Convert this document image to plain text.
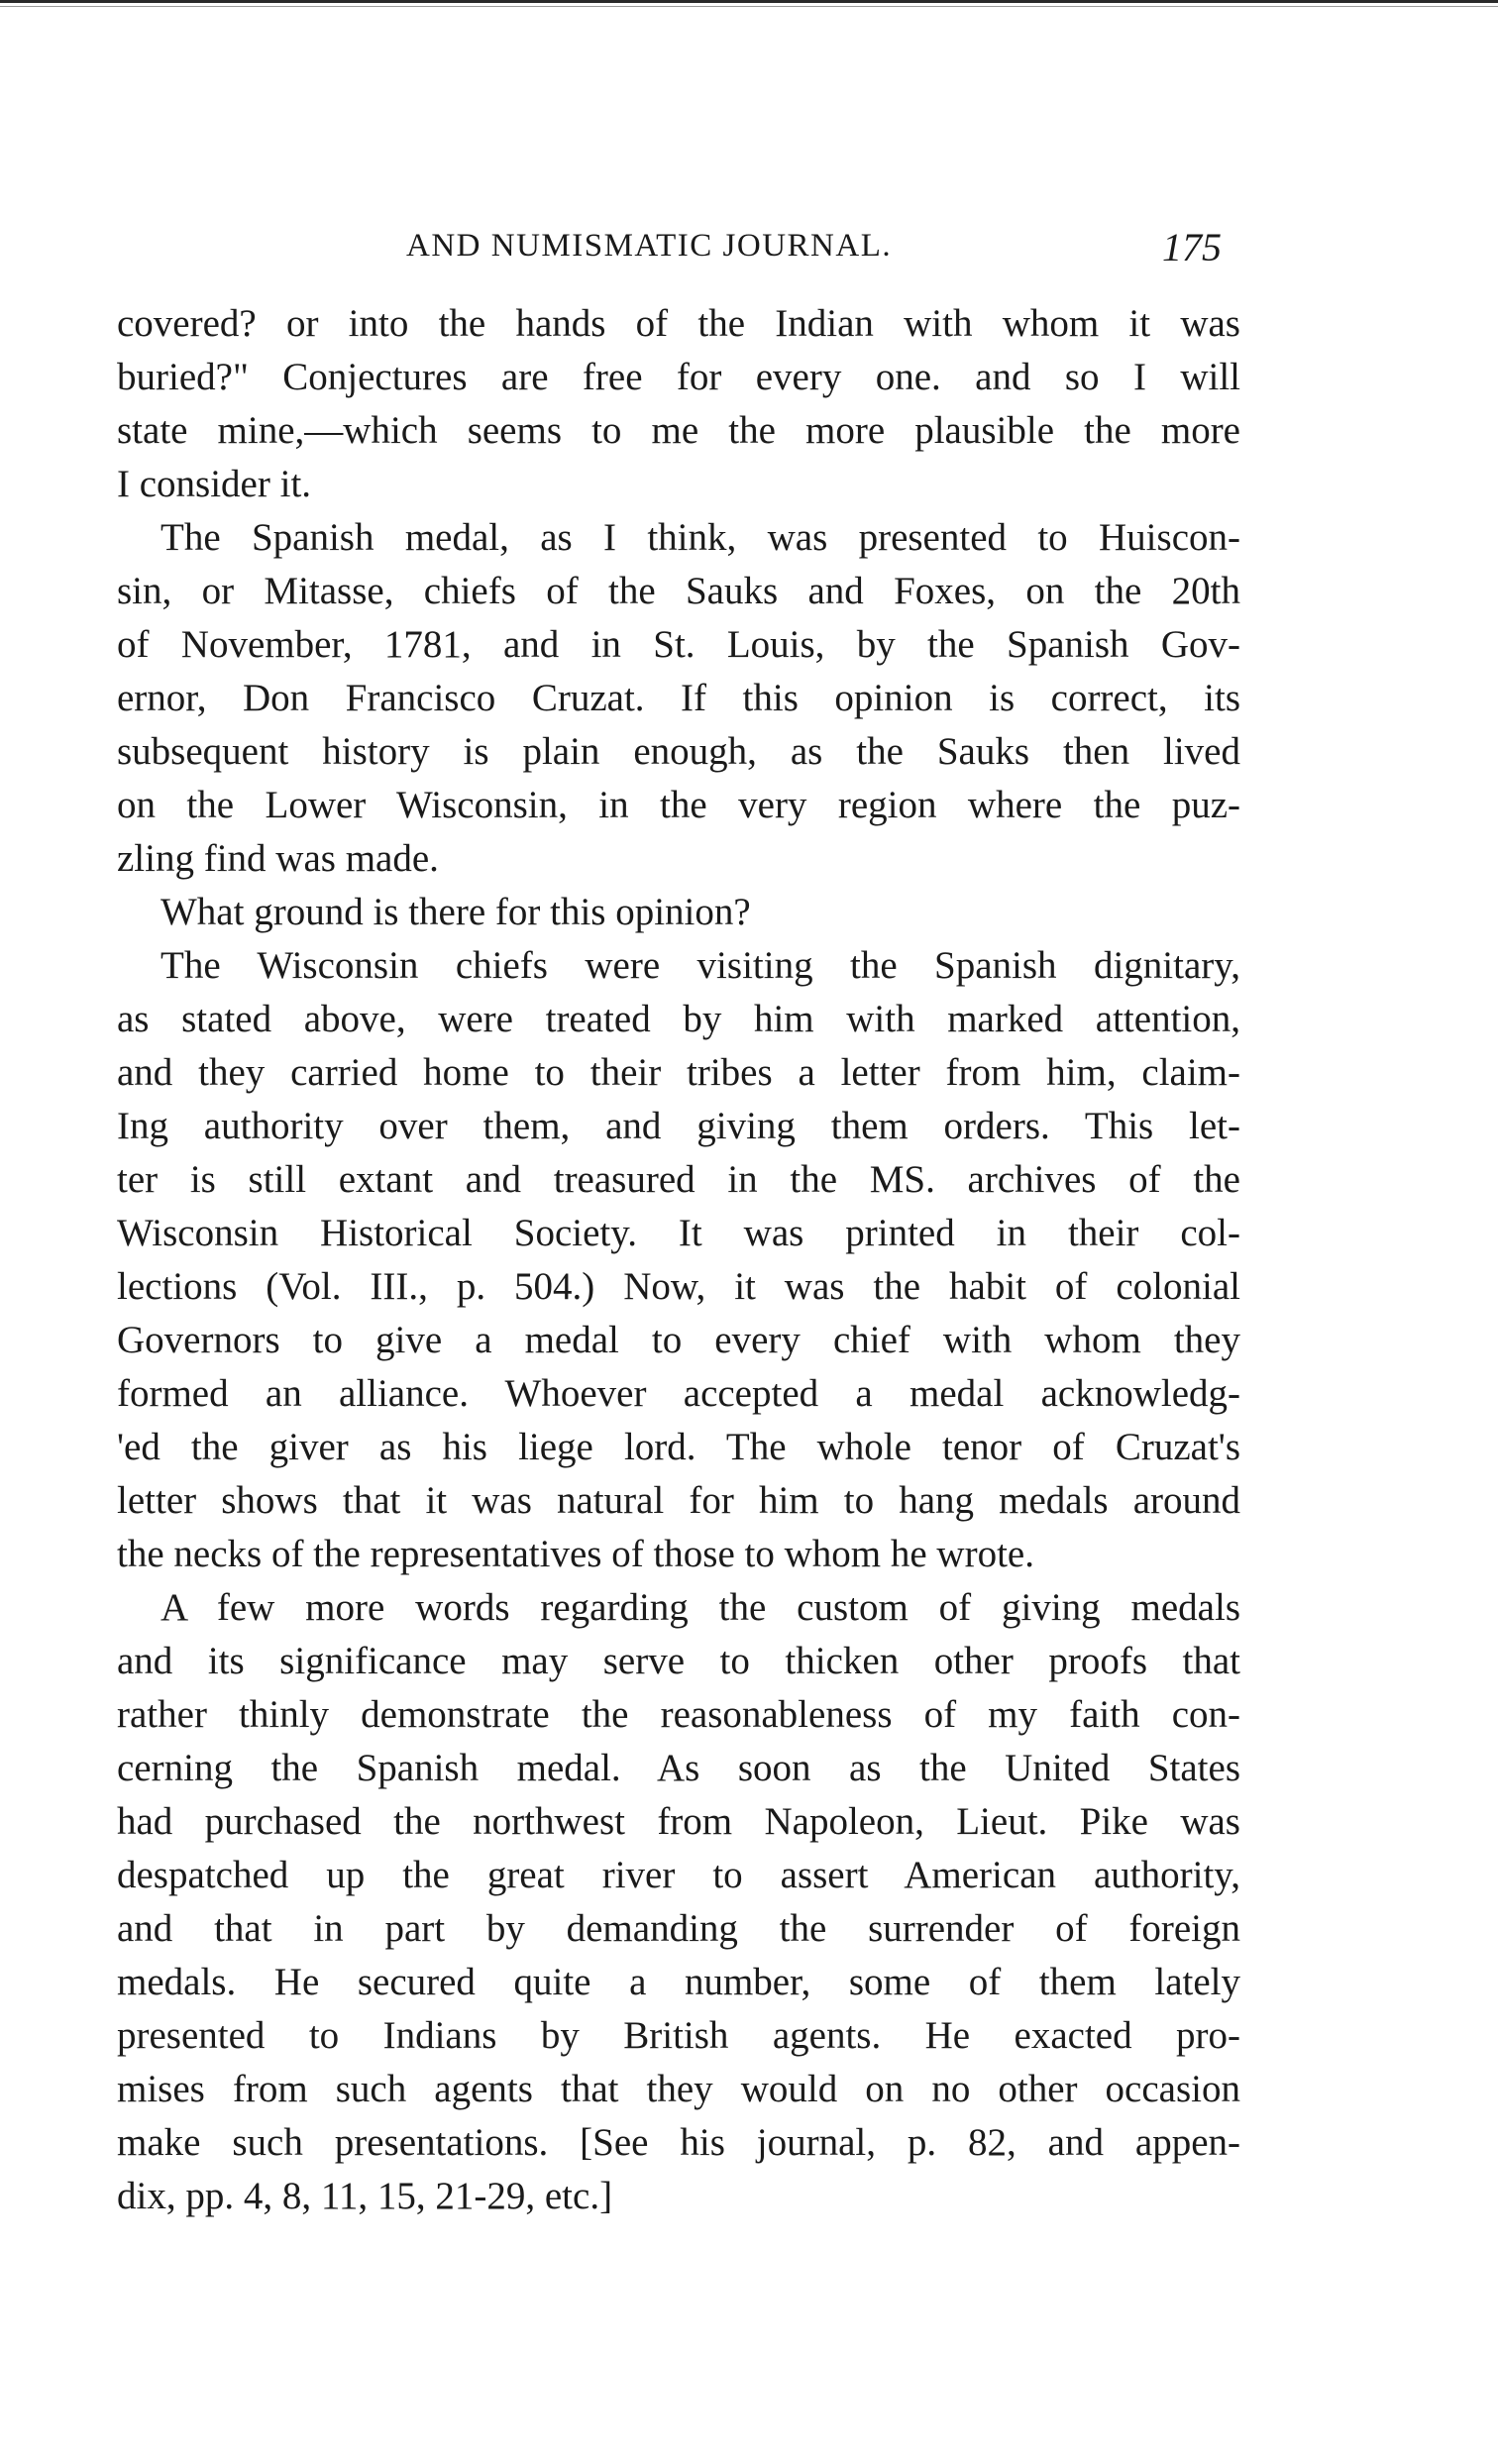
AND NUMISMATIC JOURNAL.	175
covered? or into the hands of the Indian with whom it was
buried?" Conjectures are free for every one. and so I will
state mine,—which seems to me the more plausible the more
I consider it.
The Spanish medal, as I think, was presented to Huiscon-
sin, or Mitasse, chiefs of the Sauks and Foxes, on the 20th
of November, 1781, and in St. Louis, by the Spanish Gov-
ernor, Don Francisco Cruzat. If this opinion is correct, its
subsequent history is plain enough, as the Sauks then lived
on the Lower Wisconsin, in the very region where the puz-
zling find was made.
What ground is there for this opinion?
The Wisconsin chiefs were visiting the Spanish dignitary,
as stated above, were treated by him with marked attention,
and they carried home to their tribes a letter from him, claim-
Ing authority over them, and giving them orders. This let-
ter is still extant and treasured in the MS. archives of the
Wisconsin Historical Society. It was printed in their col-
lections (Vol. III., p. 504.) Now, it was the habit of colonial
Governors to give a medal to every chief with whom they
formed an alliance. Whoever accepted a medal acknowledg-
'ed the giver as his liege lord. The whole tenor of Cruzat's
letter shows that it was natural for him to hang medals around
the necks of the representatives of those to whom he wrote.
A few more words regarding the custom of giving medals
and its significance may serve to thicken other proofs that
rather thinly demonstrate the reasonableness of my faith con-
cerning the Spanish medal. As soon as the United States
had purchased the northwest from Napoleon, Lieut. Pike was
despatched up the great river to assert American authority,
and that in part by demanding the surrender of foreign
medals. He secured quite a number, some of them lately
presented to Indians by British agents. He exacted pro-
mises from such agents that they would on no other occasion
make such presentations. [See his journal, p. 82, and appen-
dix, pp. 4, 8, 11, 15, 21-29, etc.]
